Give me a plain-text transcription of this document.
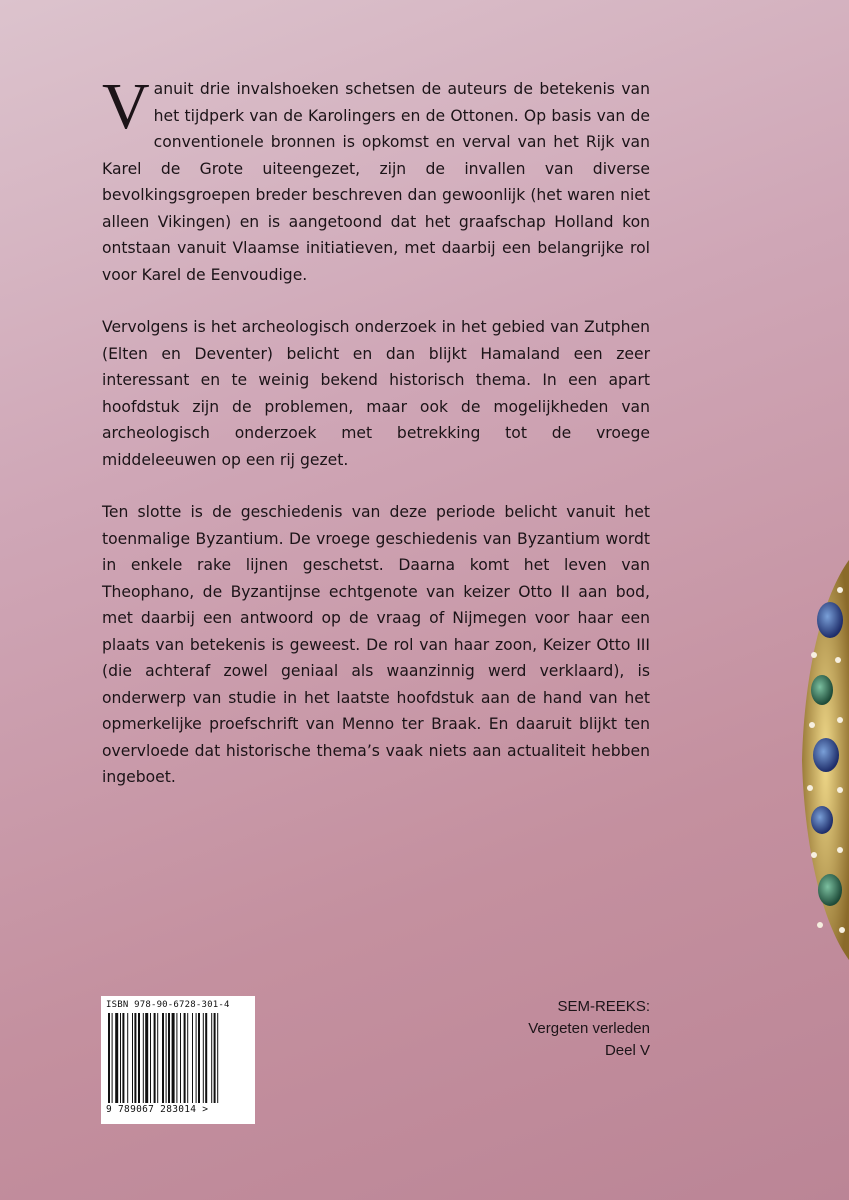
Vanuit drie invalshoeken schetsen de auteurs de betekenis van het tijdperk van de Karolingers en de Ottonen. Op basis van de conventionele bronnen is opkomst en verval van het Rijk van Karel de Grote uiteengezet, zijn de invallen van diverse bevolkingsgroepen breder beschreven dan gewoonlijk (het waren niet alleen Vikingen) en is aangetoond dat het graafschap Holland kon ontstaan vanuit Vlaamse initiatieven, met daarbij een belangrijke rol voor Karel de Eenvoudige.

Vervolgens is het archeologisch onderzoek in het gebied van Zutphen (Elten en Deventer) belicht en dan blijkt Hamaland een zeer interessant en te weinig bekend historisch thema. In een apart hoofdstuk zijn de problemen, maar ook de mogelijkheden van archeologisch onderzoek met betrekking tot de vroege middeleeuwen op een rij gezet.

Ten slotte is de geschiedenis van deze periode belicht vanuit het toenmalige Byzantium. De vroege geschiedenis van Byzantium wordt in enkele rake lijnen geschetst. Daarna komt het leven van Theophano, de Byzantijnse echtgenote van keizer Otto II aan bod, met daarbij een antwoord op de vraag of Nijmegen voor haar een plaats van betekenis is geweest. De rol van haar zoon, Keizer Otto III (die achteraf zowel geniaal als waanzinnig werd verklaard), is onderwerp van studie in het laatste hoofdstuk aan de hand van het opmerkelijke proefschrift van Menno ter Braak. En daaruit blijkt ten overvloede dat historische thema’s vaak niets aan actualiteit hebben ingeboet.

ISBN 978-90-6728-301-4
9 789067 283014 >
SEM-REEKS:
Vergeten verleden
Deel V
